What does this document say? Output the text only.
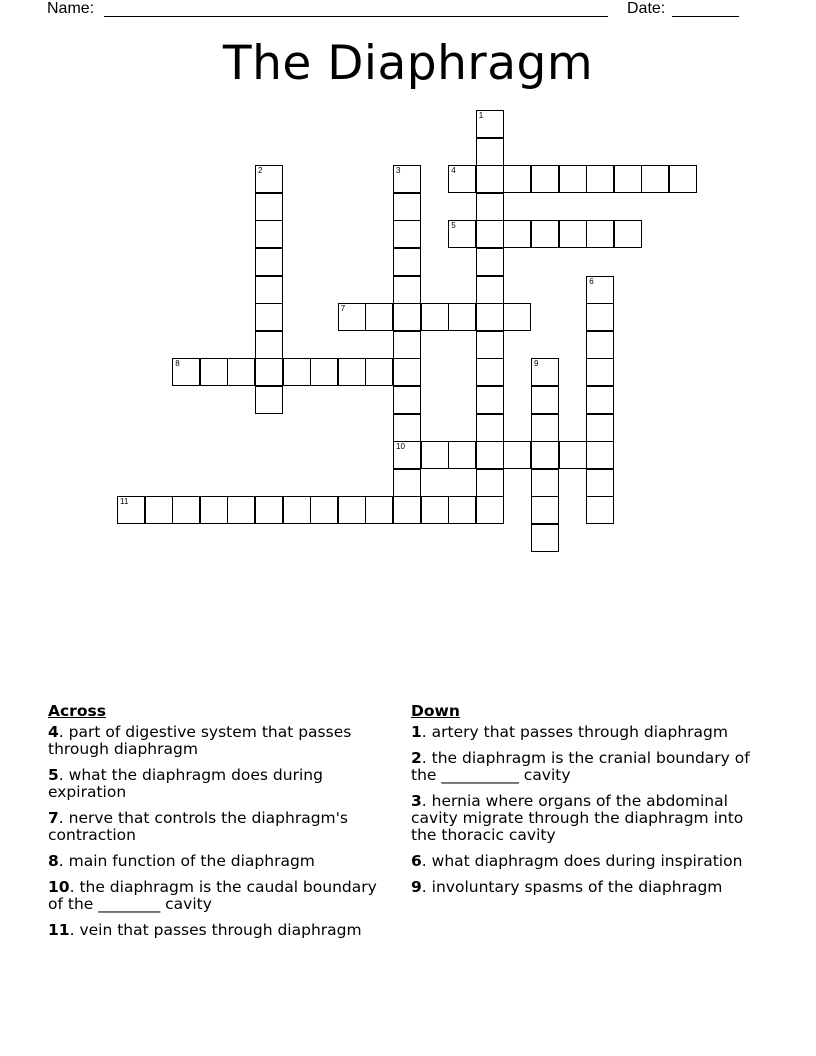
Name:	Date:
The Diaphragm
1
2	3
10
4
5
6
7
8	9
11
Across
4. part of digestive system that passes through diaphragm
5. what the diaphragm does during expiration
7. nerve that controls the diaphragm's contraction
8. main function of the diaphragm
10. the diaphragm is the caudal boundary of the ________ cavity
11. vein that passes through diaphragm
Down
1. artery that passes through diaphragm
2. the diaphragm is the cranial boundary of the __________ cavity
3. hernia where organs of the abdominal cavity migrate through the diaphragm into the thoracic cavity
6. what diaphragm does during inspiration
9. involuntary spasms of the diaphragm
